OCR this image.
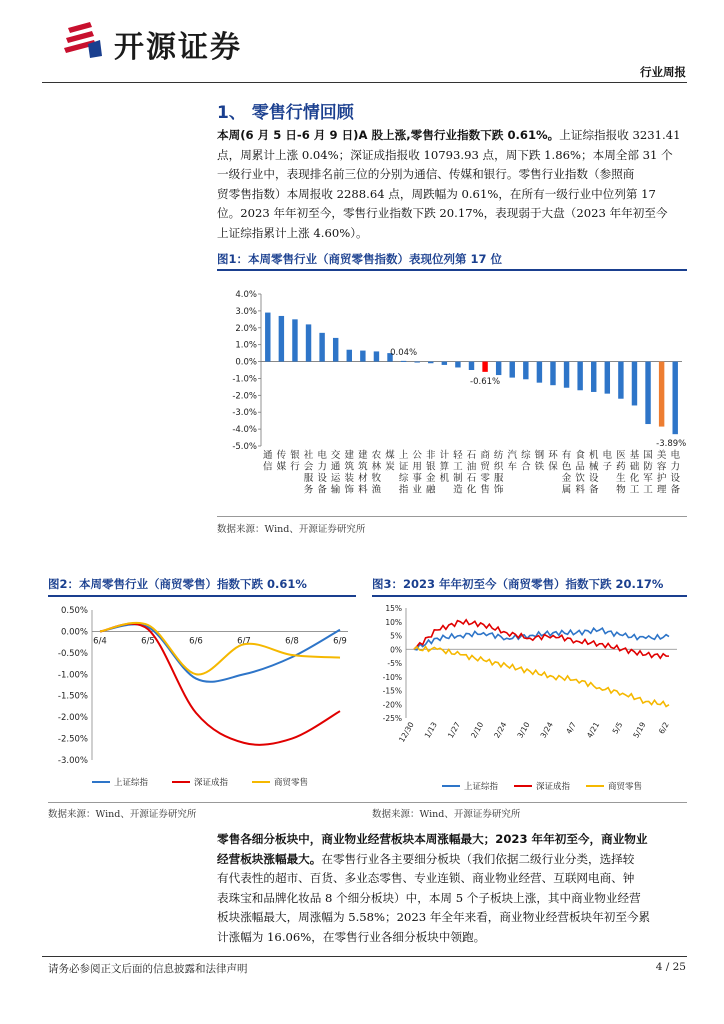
开源证券
行业周报
1、 零售行情回顾
本周(6 月 5 日-6 月 9 日)A 股上涨,零售行业指数下跌 0.61%。上证综指报收 3231.41
点，周累计上涨 0.04%；深证成指报收 10793.93 点，周下跌 1.86%；本周全部 31 个
一级行业中，表现排名前三位的分别为通信、传媒和银行。零售行业指数（参照商
贸零售指数）本周报收 2288.64 点，周跌幅为 0.61%，在所有一级行业中位列第 17
位。2023 年年初至今，零售行业指数下跌 20.17%，表现弱于大盘（2023 年年初至今
上证综指累计上涨 4.60%）。
图1：本周零售行业（商贸零售指数）表现位列第 17 位
4.0%
3.0%
2.0%
1.0%
0.0%
-1.0%
-2.0%
-3.0%
-4.0%
-5.0%
通信
传媒
银行
社会服务
电力设备
交通运输
建筑装饰
建筑材料
农林牧渔
煤炭
上证综指
公用事业
非银金融
计算机
轻工制造
石油石化
商贸零售
纺织服饰
汽车
综合
钢铁
环保
有色金属
食品饮料
机械设备
电子
医药生物
基础化工
国防军工
美容护理
电力设备
0.04%
-0.61%
-3.89%
数据来源：Wind、开源证券研究所
图2：本周零售行业（商贸零售）指数下跌 0.61%
0.50%
0.00%
-0.50%
-1.00%
-1.50%
-2.00%
-2.50%
-3.00%
6/4	6/5	6/6	6/7	6/8	6/9
上证综指	深证成指	商贸零售
数据来源：Wind、开源证券研究所
图3：2023 年年初至今（商贸零售）指数下跌 20.17%
15%
10%
5%
0%
-5%
-10%
-15%
-20%
-25%
12/30 1/13 1/27 2/10 2/24 3/10 3/24 4/7 4/21 5/5 5/19 6/2
上证综指	深证成指	商贸零售
数据来源：Wind、开源证券研究所
零售各细分板块中，商业物业经营板块本周涨幅最大；2023 年年初至今，商业物业
经营板块涨幅最大。在零售行业各主要细分板块（我们依据二级行业分类，选择较
有代表性的超市、百货、多业态零售、专业连锁、商业物业经营、互联网电商、钟
表珠宝和品牌化妆品 8 个细分板块）中，本周 5 个子板块上涨，其中商业物业经营
板块涨幅最大，周涨幅为 5.58%；2023 年全年来看，商业物业经营板块年初至今累
计涨幅为 16.06%，在零售行业各细分板块中领跑。
请务必参阅正文后面的信息披露和法律声明	4 / 25
